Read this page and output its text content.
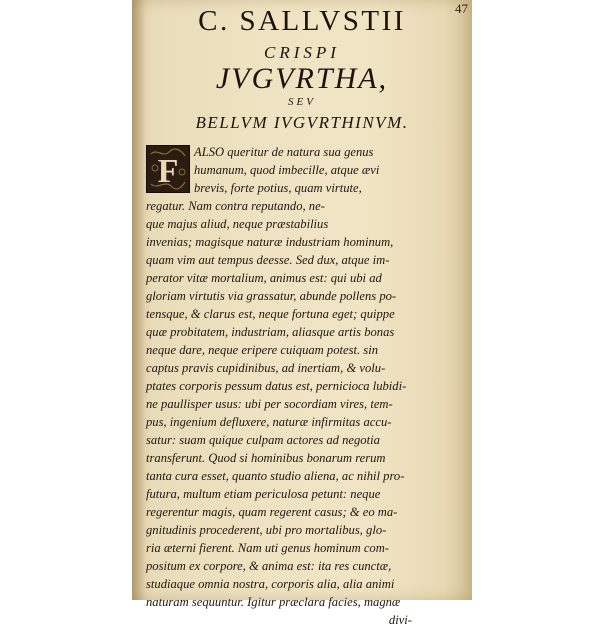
47
C. SALLVSTII
CRISPI
JVGVRTHA,
SEV
BELLVM IVGVRTHINVM.
ALSO queritur de natura sua genus
humanum, quod imbecille, atque ævi
brevis, forte potius, quam virtute,
regatur. Nam contra reputando, ne-
que majus aliud, neque præstabilius
invenias; magisque naturæ industriam hominum,
quam vim aut tempus deesse. Sed dux, atque im-
perator vitæ mortalium, animus est: qui ubi ad
gloriam virtutis via grassatur, abunde pollens po-
tensque, & clarus est, neque fortuna eget; quippe
quæ probitatem, industriam, aliasque artis bonas
neque dare, neque eripere cuiquam potest. sin
captus pravis cupidinibus, ad inertiam, & volu-
ptates corporis pessum datus est, pernicioса lubidi-
ne paullisper usus: ubi per socordiam vires, tem-
pus, ingenium defluxere, naturæ infirmitas accu-
satur: suam quique culpam actores ad negotia
transferunt. Quod si hominibus bonarum rerum
tanta cura esset, quanto studio aliena, ac nihil pro-
futura, multum etiam periculosa petunt: neque
regerentur magis, quam regerent casus; & eo ma-
gnitudinis procederent, ubi pro mortalibus, glo-
ria æterni fierent. Nam uti genus hominum com-
positum ex corpore, & anima est: ita res cunctæ,
studiaque omnia nostra, corporis alia, alia animi
naturam sequuntur. Igitur præclara facies, magnæ
divi-
F
